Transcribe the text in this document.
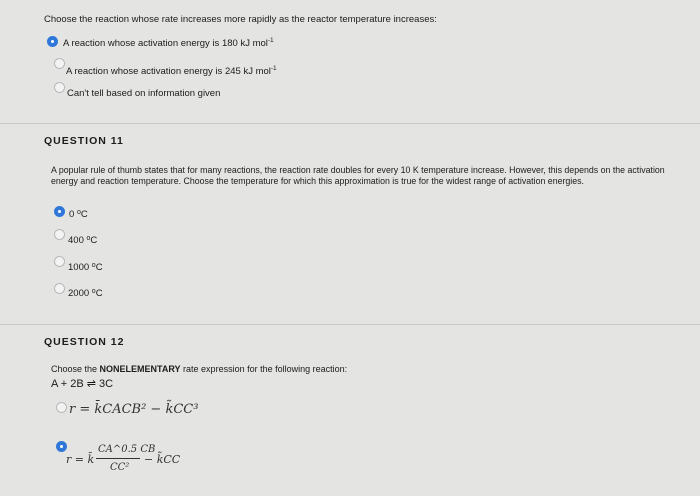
Choose the reaction whose rate increases more rapidly as the reactor temperature increases:
A reaction whose activation energy is 180 kJ mol$^{-1}$
A reaction whose activation energy is 245 kJ mol$^{-1}$
Can't tell based on information given
QUESTION 11
A popular rule of thumb states that for many reactions, the reaction rate doubles for every 10 K temperature increase. However, this depends on the activation energy and reaction temperature. Choose the temperature for which this approximation is true for the widest range of activation energies.
0 $^o$C
400 $^o$C
1000 $^o$C
2000 $^o$C
QUESTION 12
Choose the NONELEMENTARY rate expression for the following reaction:
A + 2B ⇌ 3C
r = k̄CACB² − k̃CC³
CA^0.5 CB
CC²
r = k̄	− k̃CC
